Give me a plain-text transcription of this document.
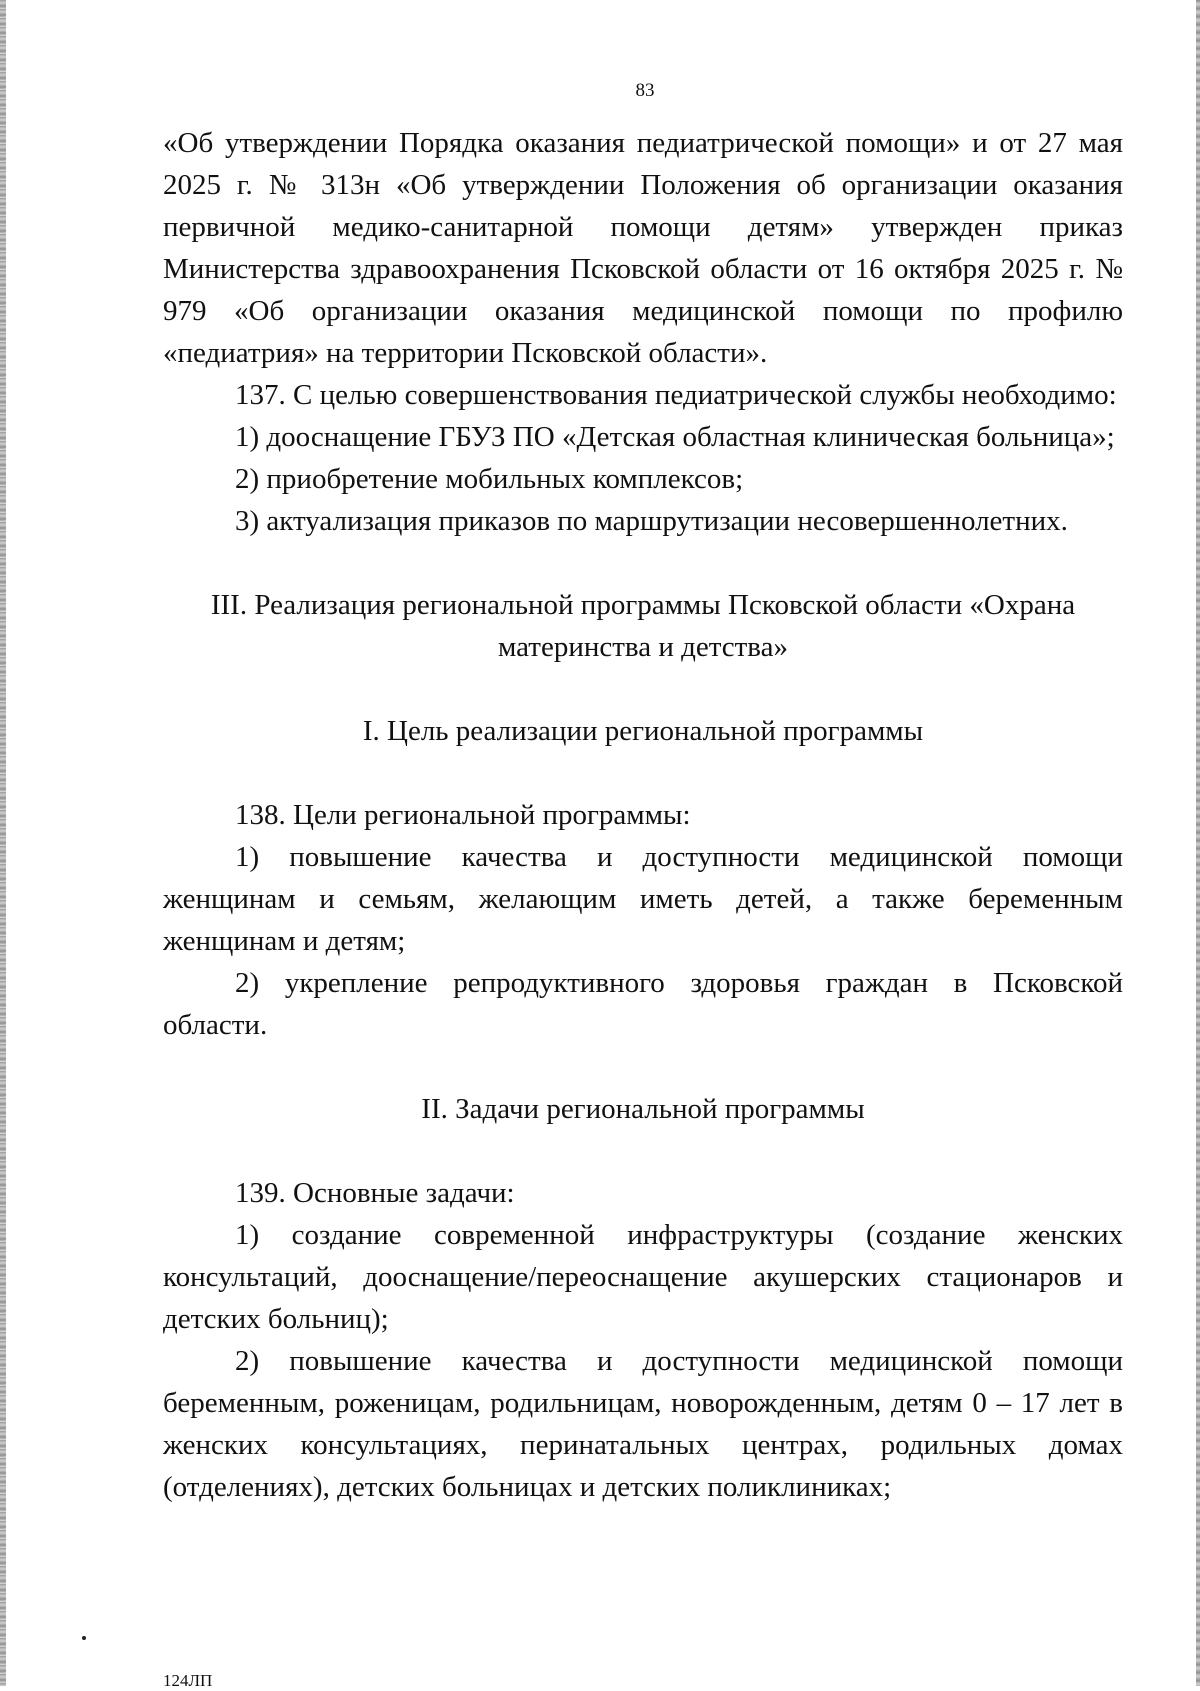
83

«Об утверждении Порядка оказания педиатрической помощи» и от 27 мая 2025 г. № 313н «Об утверждении Положения об организации оказания первичной медико-санитарной помощи детям» утвержден приказ Министерства здравоохранения Псковской области от 16 октября 2025 г. № 979 «Об организации оказания медицинской помощи по профилю «педиатрия» на территории Псковской области».

137. С целью совершенствования педиатрической службы необходимо:

1) дооснащение ГБУЗ ПО «Детская областная клиническая больница»;

2) приобретение мобильных комплексов;

3) актуализация приказов по маршрутизации несовершеннолетних.

III. Реализация региональной программы Псковской области «Охрана материнства и детства»

I. Цель реализации региональной программы

138. Цели региональной программы:

1) повышение качества и доступности медицинской помощи женщинам и семьям, желающим иметь детей, а также беременным женщинам и детям;

2) укрепление репродуктивного здоровья граждан в Псковской области.

II. Задачи региональной программы

139. Основные задачи:

1) создание современной инфраструктуры (создание женских консультаций, дооснащение/переоснащение акушерских стационаров и детских больниц);

2) повышение качества и доступности медицинской помощи беременным, роженицам, родильницам, новорожденным, детям 0 – 17 лет в женских консультациях, перинатальных центрах, родильных домах (отделениях), детских больницах и детских поликлиниках;

124ЛП
